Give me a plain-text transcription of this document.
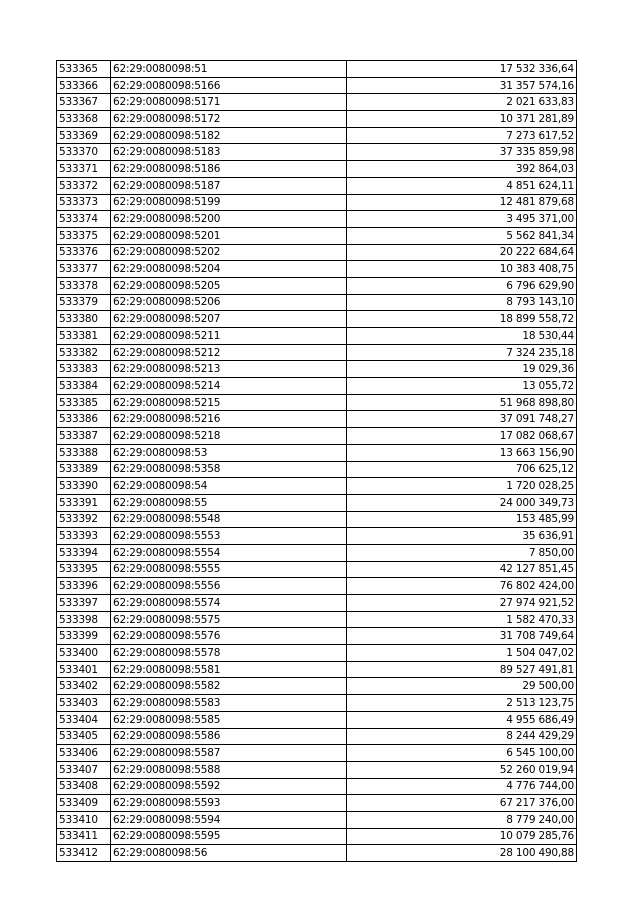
533365	62:29:0080098:51	17 532 336,64
533366	62:29:0080098:5166	31 357 574,16
533367	62:29:0080098:5171	2 021 633,83
533368	62:29:0080098:5172	10 371 281,89
533369	62:29:0080098:5182	7 273 617,52
533370	62:29:0080098:5183	37 335 859,98
533371	62:29:0080098:5186	392 864,03
533372	62:29:0080098:5187	4 851 624,11
533373	62:29:0080098:5199	12 481 879,68
533374	62:29:0080098:5200	3 495 371,00
533375	62:29:0080098:5201	5 562 841,34
533376	62:29:0080098:5202	20 222 684,64
533377	62:29:0080098:5204	10 383 408,75
533378	62:29:0080098:5205	6 796 629,90
533379	62:29:0080098:5206	8 793 143,10
533380	62:29:0080098:5207	18 899 558,72
533381	62:29:0080098:5211	18 530,44
533382	62:29:0080098:5212	7 324 235,18
533383	62:29:0080098:5213	19 029,36
533384	62:29:0080098:5214	13 055,72
533385	62:29:0080098:5215	51 968 898,80
533386	62:29:0080098:5216	37 091 748,27
533387	62:29:0080098:5218	17 082 068,67
533388	62:29:0080098:53	13 663 156,90
533389	62:29:0080098:5358	706 625,12
533390	62:29:0080098:54	1 720 028,25
533391	62:29:0080098:55	24 000 349,73
533392	62:29:0080098:5548	153 485,99
533393	62:29:0080098:5553	35 636,91
533394	62:29:0080098:5554	7 850,00
533395	62:29:0080098:5555	42 127 851,45
533396	62:29:0080098:5556	76 802 424,00
533397	62:29:0080098:5574	27 974 921,52
533398	62:29:0080098:5575	1 582 470,33
533399	62:29:0080098:5576	31 708 749,64
533400	62:29:0080098:5578	1 504 047,02
533401	62:29:0080098:5581	89 527 491,81
533402	62:29:0080098:5582	29 500,00
533403	62:29:0080098:5583	2 513 123,75
533404	62:29:0080098:5585	4 955 686,49
533405	62:29:0080098:5586	8 244 429,29
533406	62:29:0080098:5587	6 545 100,00
533407	62:29:0080098:5588	52 260 019,94
533408	62:29:0080098:5592	4 776 744,00
533409	62:29:0080098:5593	67 217 376,00
533410	62:29:0080098:5594	8 779 240,00
533411	62:29:0080098:5595	10 079 285,76
533412	62:29:0080098:56	28 100 490,88
